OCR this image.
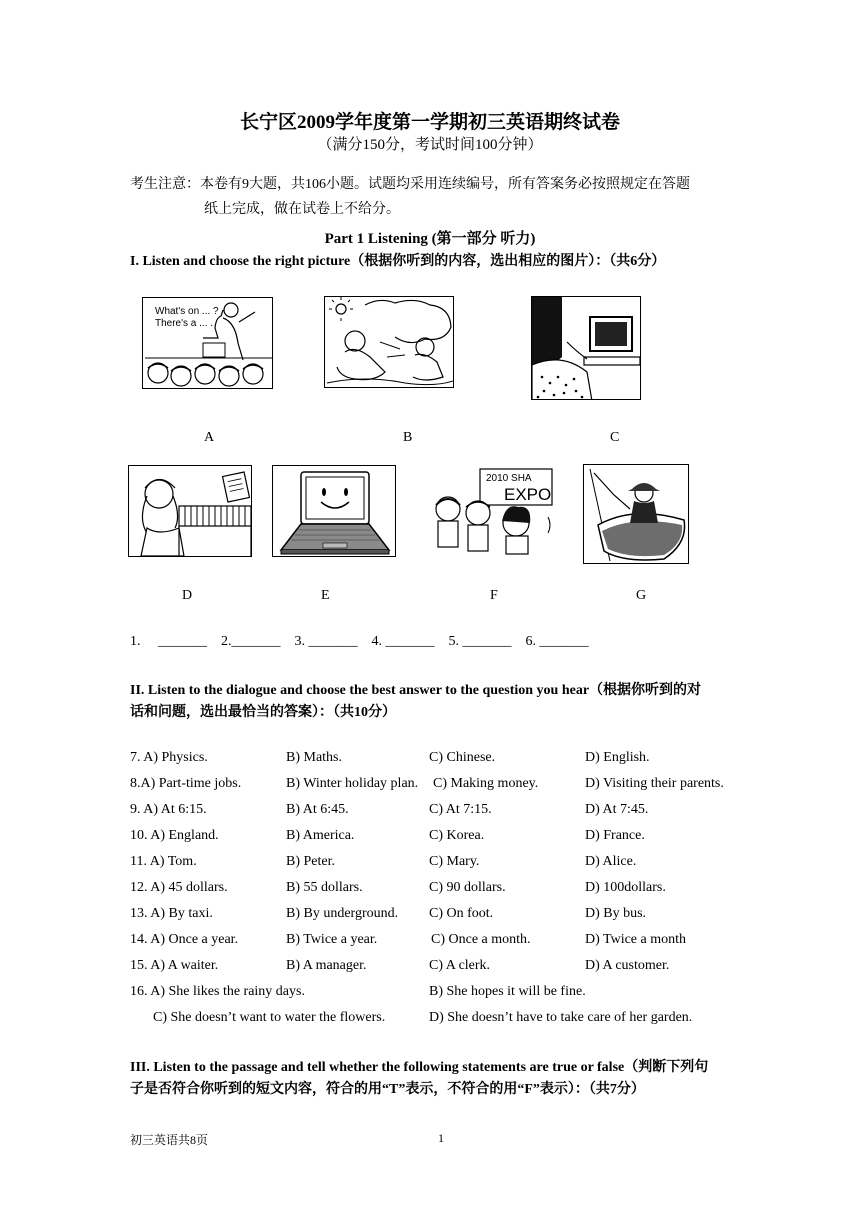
长宁区2009学年度第一学期初三英语期终试卷
（满分150分，考试时间100分钟）
考生注意：本卷有9大题，共106小题。试题均采用连续编号，所有答案务必按照规定在答题
纸上完成，做在试卷上不给分。
Part 1 Listening (第一部分 听力)
I. Listen and choose the right picture（根据你听到的内容，选出相应的图片）：（共6分）
What's on ... ?
There's a ... .
A	B	C
D	E
2010 SHA
EXPO
F	G
1.     _______    2._______    3. _______    4. _______    5. _______    6. _______
II. Listen to the dialogue and choose the best answer to the question you hear（根据你听到的对
话和问题，选出最恰当的答案）：（共10分）
7. A) Physics.	B) Maths.	C) Chinese.	D) English.
8.A) Part-time jobs.	B) Winter holiday plan. C) Making money.	D) Visiting their parents.
9. A) At 6:15.	B) At 6:45.	C) At 7:15.	D) At 7:45.
10. A) England.	B) America.	C) Korea.	D) France.
11. A) Tom.	B) Peter.	C) Mary.	D) Alice.
12. A) 45 dollars.	B) 55 dollars.	C) 90 dollars.	D) 100dollars.
13. A) By taxi.	B) By underground. C) On foot.	D) By bus.
14. A) Once a year.	B) Twice a year.	C) Once a month.	D) Twice a month
15. A) A waiter.	B) A manager.	C) A clerk.	D) A customer.
16. A) She likes the rainy days.	B) She hopes it will be fine.
C) She doesn’t want to water the flowers.	D) She doesn’t have to take care of her garden.
III. Listen to the passage and tell whether the following statements are true or false（判断下列句
子是否符合你听到的短文内容，符合的用“T”表示，不符合的用“F”表示）：（共7分）
初三英语共8页	1
